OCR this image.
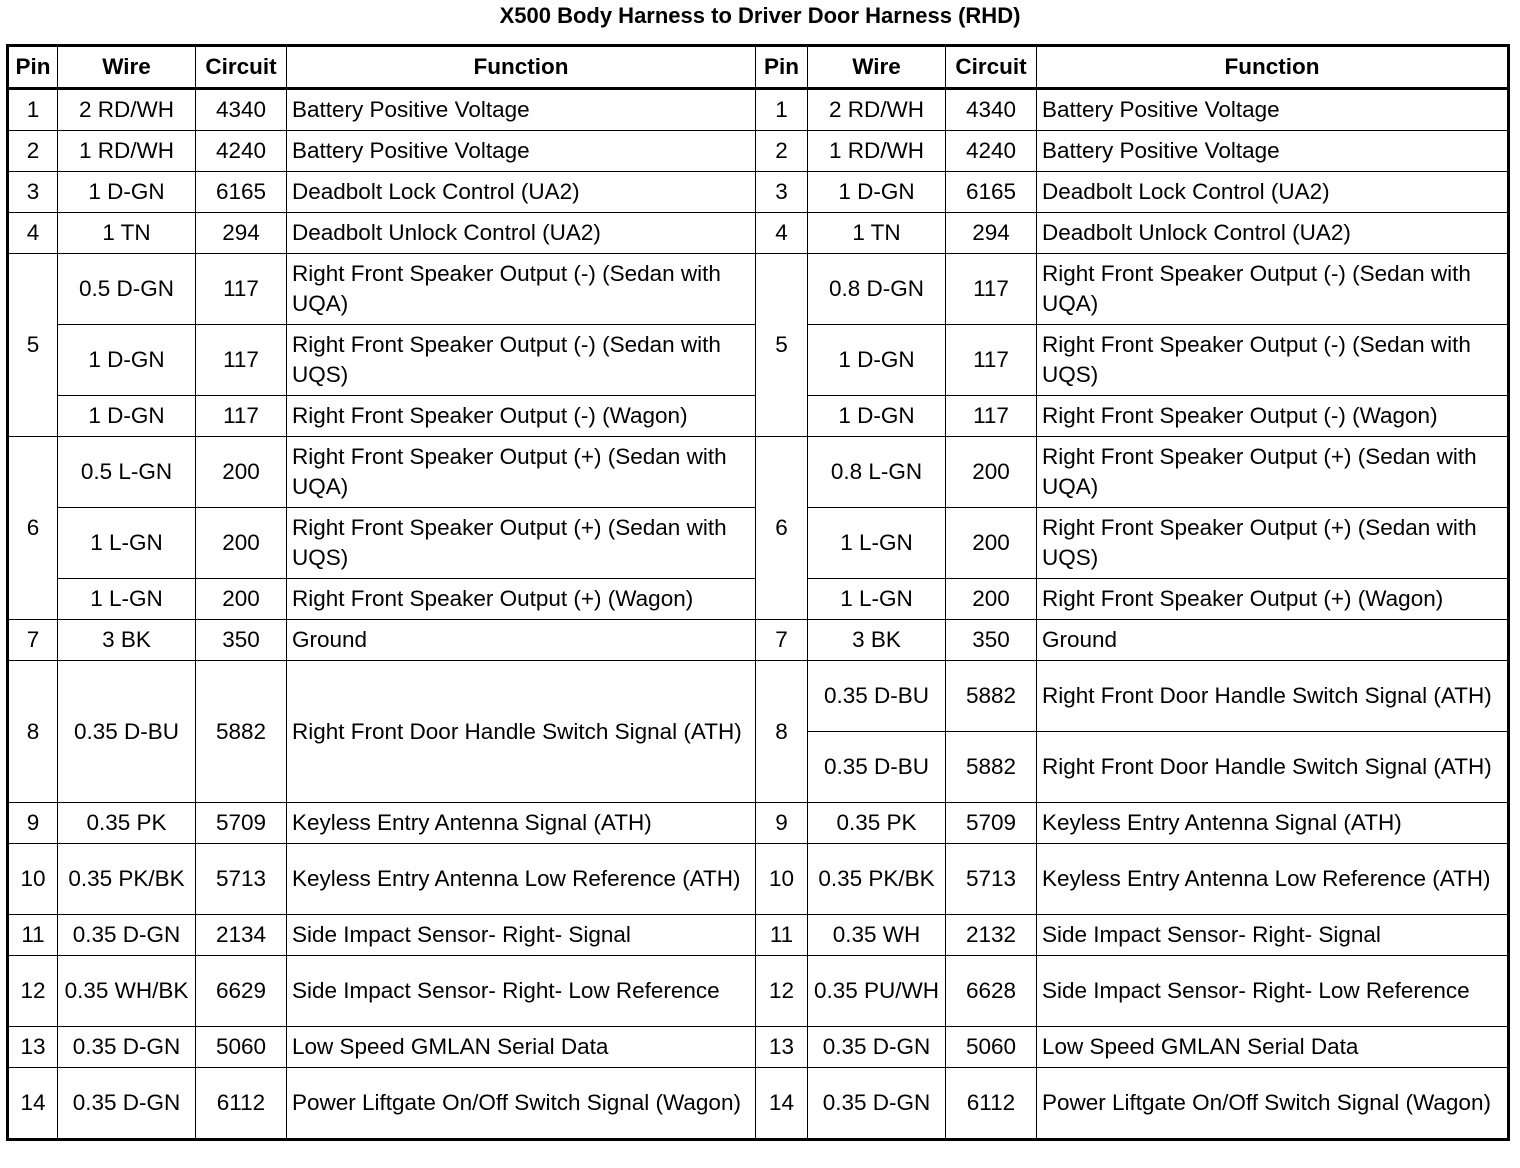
X500 Body Harness to Driver Door Harness (RHD)
Pin	Wire	Circuit	Function	Pin	Wire	Circuit	Function
1	2 RD/WH	4340	Battery Positive Voltage	1	2 RD/WH	4340	Battery Positive Voltage
2	1 RD/WH	4240	Battery Positive Voltage	2	1 RD/WH	4240	Battery Positive Voltage
3	1 D-GN	6165	Deadbolt Lock Control (UA2)	3	1 D-GN	6165	Deadbolt Lock Control (UA2)
4	1 TN	294	Deadbolt Unlock Control (UA2)	4	1 TN	294	Deadbolt Unlock Control (UA2)
5	0.5 D-GN	117	Right Front Speaker Output (-) (Sedan with UQA)	5	0.8 D-GN	117	Right Front Speaker Output (-) (Sedan with UQA)
	1 D-GN	117	Right Front Speaker Output (-) (Sedan with UQS)		1 D-GN	117	Right Front Speaker Output (-) (Sedan with UQS)
	1 D-GN	117	Right Front Speaker Output (-) (Wagon)		1 D-GN	117	Right Front Speaker Output (-) (Wagon)
6	0.5 L-GN	200	Right Front Speaker Output (+) (Sedan with UQA)	6	0.8 L-GN	200	Right Front Speaker Output (+) (Sedan with UQA)
	1 L-GN	200	Right Front Speaker Output (+) (Sedan with UQS)		1 L-GN	200	Right Front Speaker Output (+) (Sedan with UQS)
	1 L-GN	200	Right Front Speaker Output (+) (Wagon)		1 L-GN	200	Right Front Speaker Output (+) (Wagon)
7	3 BK	350	Ground	7	3 BK	350	Ground
8	0.35 D-BU	5882	Right Front Door Handle Switch Signal (ATH)	8	0.35 D-BU	5882	Right Front Door Handle Switch Signal (ATH)
					0.35 D-BU	5882	Right Front Door Handle Switch Signal (ATH)
9	0.35 PK	5709	Keyless Entry Antenna Signal (ATH)	9	0.35 PK	5709	Keyless Entry Antenna Signal (ATH)
10	0.35 PK/BK	5713	Keyless Entry Antenna Low Reference (ATH)	10	0.35 PK/BK	5713	Keyless Entry Antenna Low Reference (ATH)
11	0.35 D-GN	2134	Side Impact Sensor- Right- Signal	11	0.35 WH	2132	Side Impact Sensor- Right- Signal
12	0.35 WH/BK	6629	Side Impact Sensor- Right- Low Reference	12	0.35 PU/WH	6628	Side Impact Sensor- Right- Low Reference
13	0.35 D-GN	5060	Low Speed GMLAN Serial Data	13	0.35 D-GN	5060	Low Speed GMLAN Serial Data
14	0.35 D-GN	6112	Power Liftgate On/Off Switch Signal (Wagon)	14	0.35 D-GN	6112	Power Liftgate On/Off Switch Signal (Wagon)
